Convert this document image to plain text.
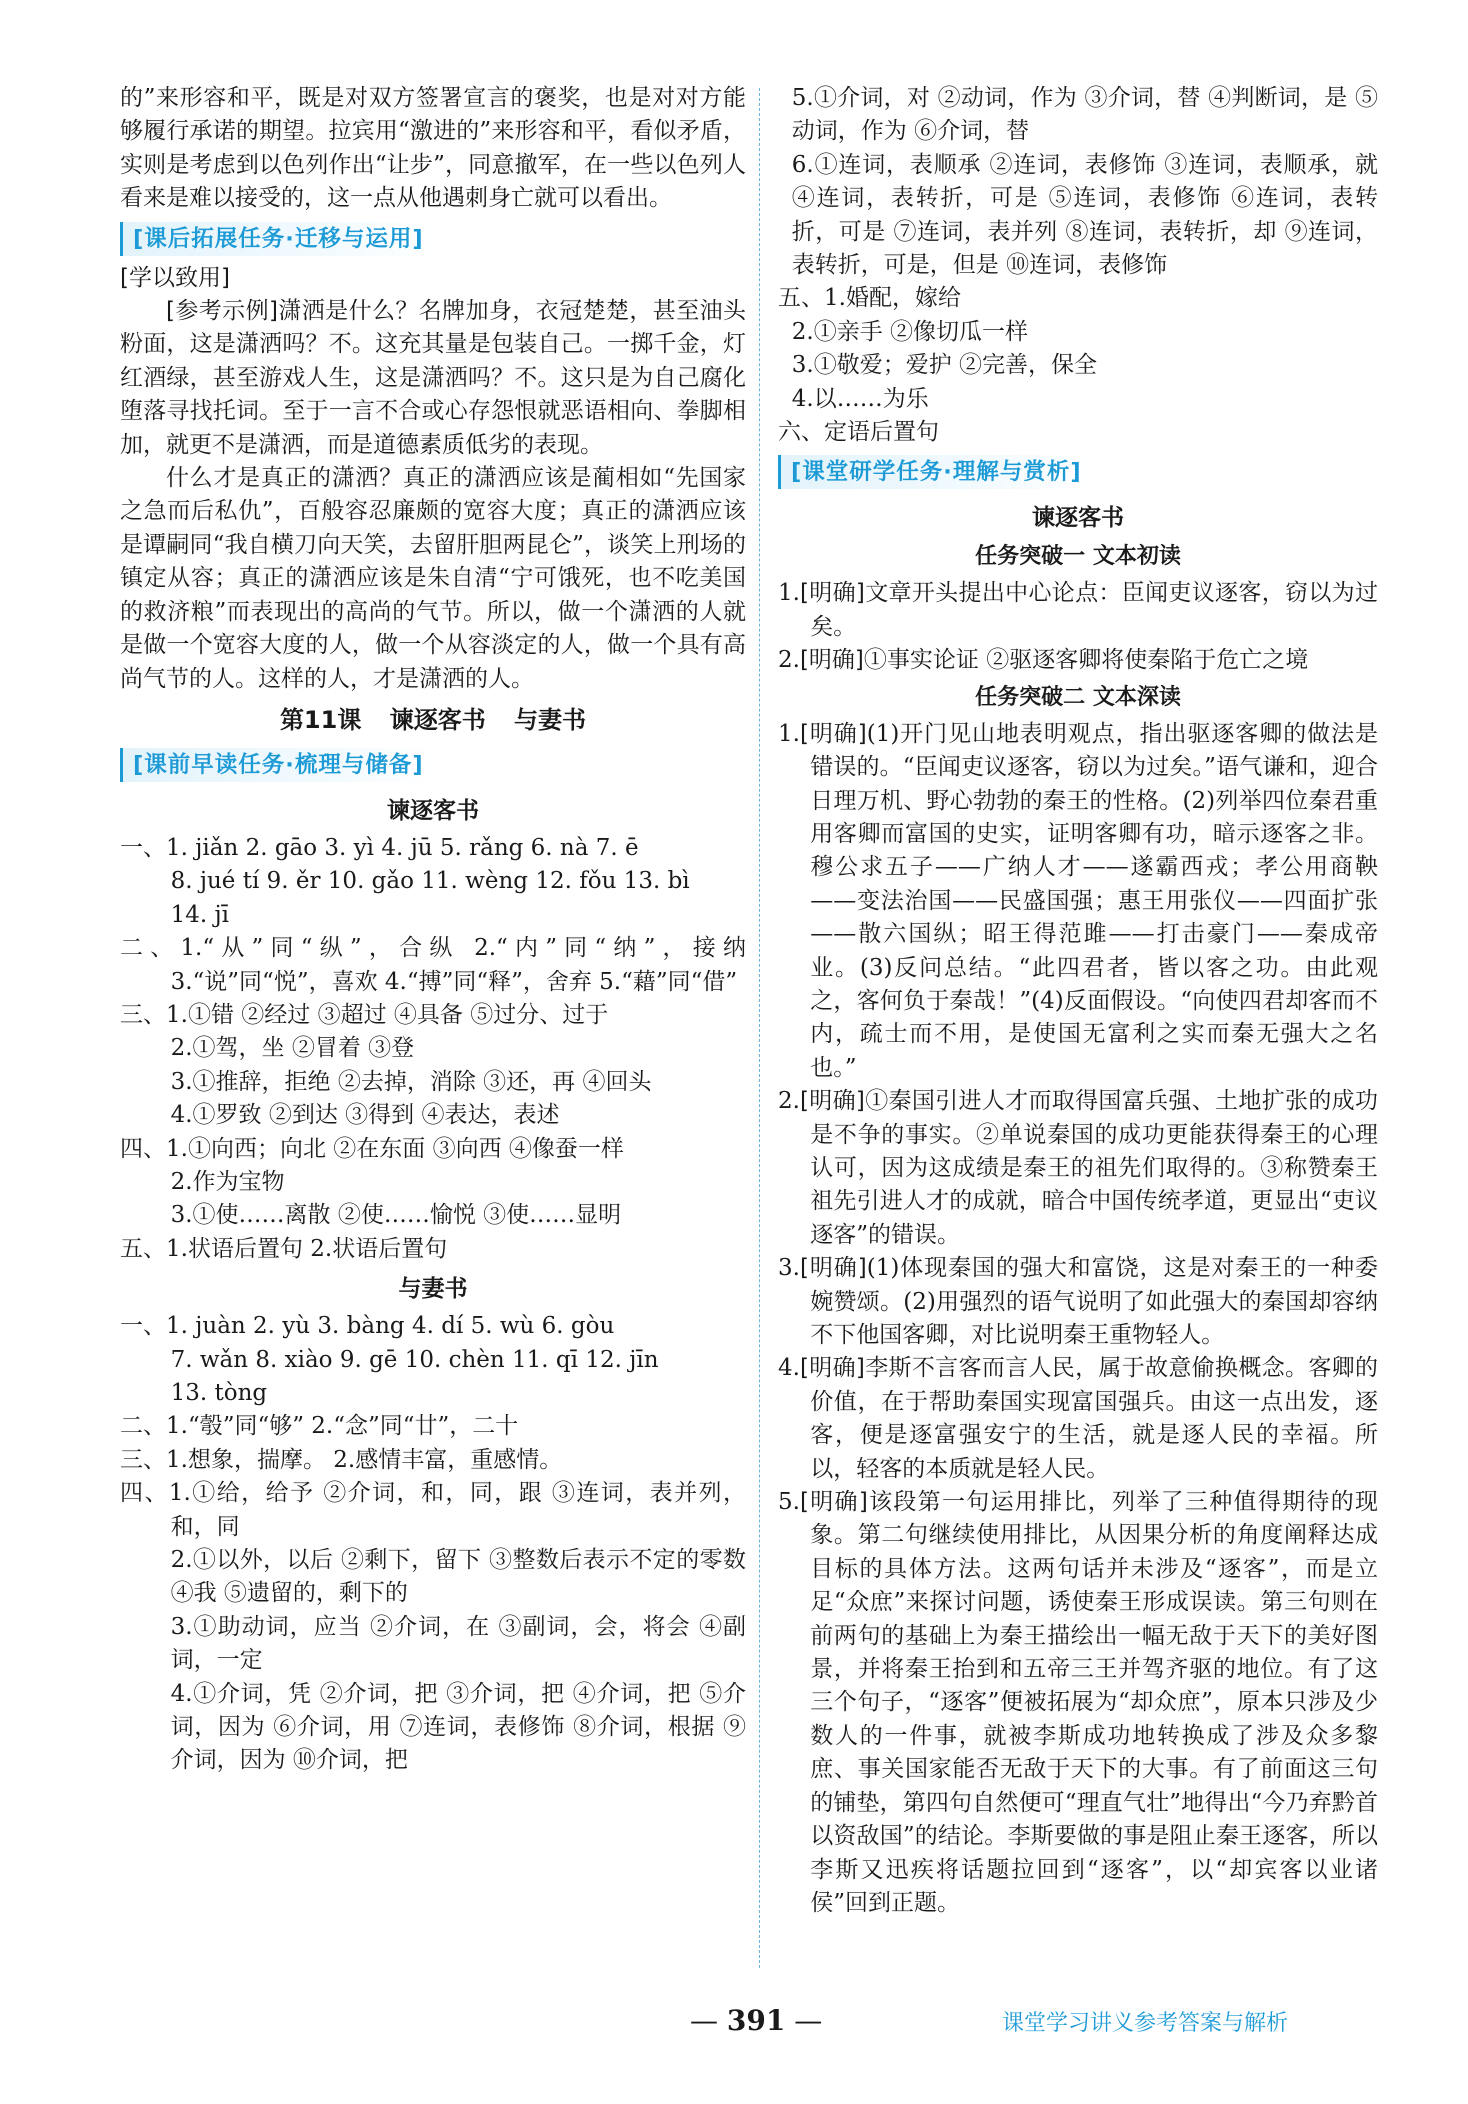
的”来形容和平，既是对双方签署宣言的褒奖，也是对对方能够履行承诺的期望。拉宾用“激进的”来形容和平，看似矛盾，实则是考虑到以色列作出“让步”，同意撤军，在一些以色列人看来是难以接受的，这一点从他遇刺身亡就可以看出。

[课后拓展任务·迁移与运用]

[学以致用]

[参考示例]潇洒是什么？名牌加身，衣冠楚楚，甚至油头粉面，这是潇洒吗？不。这充其量是包装自己。一掷千金，灯红酒绿，甚至游戏人生，这是潇洒吗？不。这只是为自己腐化堕落寻找托词。至于一言不合或心存怨恨就恶语相向、拳脚相加，就更不是潇洒，而是道德素质低劣的表现。

什么才是真正的潇洒？真正的潇洒应该是蔺相如“先国家之急而后私仇”，百般容忍廉颇的宽容大度；真正的潇洒应该是谭嗣同“我自横刀向天笑，去留肝胆两昆仑”，谈笑上刑场的镇定从容；真正的潇洒应该是朱自清“宁可饿死，也不吃美国的救济粮”而表现出的高尚的气节。所以，做一个潇洒的人就是做一个宽容大度的人，做一个从容淡定的人，做一个具有高尚气节的人。这样的人，才是潇洒的人。

第11课 谏逐客书 与妻书
[课前早读任务·梳理与储备]
谏逐客书

一、1. jiǎn 2. gāo 3. yì 4. jū 5. rǎng 6. nà 7. ē

8. jué tí 9. ěr 10. gǎo 11. wèng 12. fǒu 13. bì

14. jī

二、1.“从”同“纵”，合纵 2.“内”同“纳”，接纳 3.“说”同“悦”，喜欢 4.“搏”同“释”，舍弃 5.“藉”同“借”

三、1.①错 ②经过 ③超过 ④具备 ⑤过分、过于

2.①驾，坐 ②冒着 ③登

3.①推辞，拒绝 ②去掉，消除 ③还，再 ④回头

4.①罗致 ②到达 ③得到 ④表达，表述

四、1.①向西；向北 ②在东面 ③向西 ④像蚕一样

2.作为宝物

3.①使……离散 ②使……愉悦 ③使……显明

五、1.状语后置句 2.状语后置句

与妻书

一、1. juàn 2. yù 3. bàng 4. dí 5. wù 6. gòu

7. wǎn 8. xiào 9. gē 10. chèn 11. qī 12. jīn

13. tòng

二、1.“彀”同“够” 2.“念”同“廿”，二十

三、1.想象，揣摩。 2.感情丰富，重感情。

四、1.①给，给予 ②介词，和，同，跟 ③连词，表并列，和，同

2.①以外，以后 ②剩下，留下 ③整数后表示不定的零数 ④我 ⑤遗留的，剩下的

3.①助动词，应当 ②介词，在 ③副词，会，将会 ④副词，一定

4.①介词，凭 ②介词，把 ③介词，把 ④介词，把 ⑤介词，因为 ⑥介词，用 ⑦连词，表修饰 ⑧介词，根据 ⑨介词，因为 ⑩介词，把

5.①介词，对 ②动词，作为 ③介词，替 ④判断词，是 ⑤动词，作为 ⑥介词，替

6.①连词，表顺承 ②连词，表修饰 ③连词，表顺承，就 ④连词，表转折，可是 ⑤连词，表修饰 ⑥连词，表转折，可是 ⑦连词，表并列 ⑧连词，表转折，却 ⑨连词，表转折，可是，但是 ⑩连词，表修饰

五、1.婚配，嫁给

2.①亲手 ②像切瓜一样

3.①敬爱；爱护 ②完善，保全

4.以……为乐

六、定语后置句

[课堂研学任务·理解与赏析]
谏逐客书
任务突破一 文本初读

1.[明确]文章开头提出中心论点：臣闻吏议逐客，窃以为过矣。

2.[明确]①事实论证 ②驱逐客卿将使秦陷于危亡之境

任务突破二 文本深读

1.[明确](1)开门见山地表明观点，指出驱逐客卿的做法是错误的。“臣闻吏议逐客，窃以为过矣。”语气谦和，迎合日理万机、野心勃勃的秦王的性格。(2)列举四位秦君重用客卿而富国的史实，证明客卿有功，暗示逐客之非。穆公求五子——广纳人才——遂霸西戎；孝公用商鞅——变法治国——民盛国强；惠王用张仪——四面扩张——散六国纵；昭王得范雎——打击豪门——秦成帝业。(3)反问总结。“此四君者，皆以客之功。由此观之，客何负于秦哉！”(4)反面假设。“向使四君却客而不内，疏士而不用，是使国无富利之实而秦无强大之名也。”

2.[明确]①秦国引进人才而取得国富兵强、土地扩张的成功是不争的事实。②单说秦国的成功更能获得秦王的心理认可，因为这成绩是秦王的祖先们取得的。③称赞秦王祖先引进人才的成就，暗合中国传统孝道，更显出“吏议逐客”的错误。

3.[明确](1)体现秦国的强大和富饶，这是对秦王的一种委婉赞颂。(2)用强烈的语气说明了如此强大的秦国却容纳不下他国客卿，对比说明秦王重物轻人。

4.[明确]李斯不言客而言人民，属于故意偷换概念。客卿的价值，在于帮助秦国实现富国强兵。由这一点出发，逐客，便是逐富强安宁的生活，就是逐人民的幸福。所以，轻客的本质就是轻人民。

5.[明确]该段第一句运用排比，列举了三种值得期待的现象。第二句继续使用排比，从因果分析的角度阐释达成目标的具体方法。这两句话并未涉及“逐客”，而是立足“众庶”来探讨问题，诱使秦王形成误读。第三句则在前两句的基础上为秦王描绘出一幅无敌于天下的美好图景，并将秦王抬到和五帝三王并驾齐驱的地位。有了这三个句子，“逐客”便被拓展为“却众庶”，原本只涉及少数人的一件事，就被李斯成功地转换成了涉及众多黎庶、事关国家能否无敌于天下的大事。有了前面这三句的铺垫，第四句自然便可“理直气壮”地得出“今乃弃黔首以资敌国”的结论。李斯要做的事是阻止秦王逐客，所以李斯又迅疾将话题拉回到“逐客”，以“却宾客以业诸侯”回到正题。

— 391 —	课堂学习讲义参考答案与解析
